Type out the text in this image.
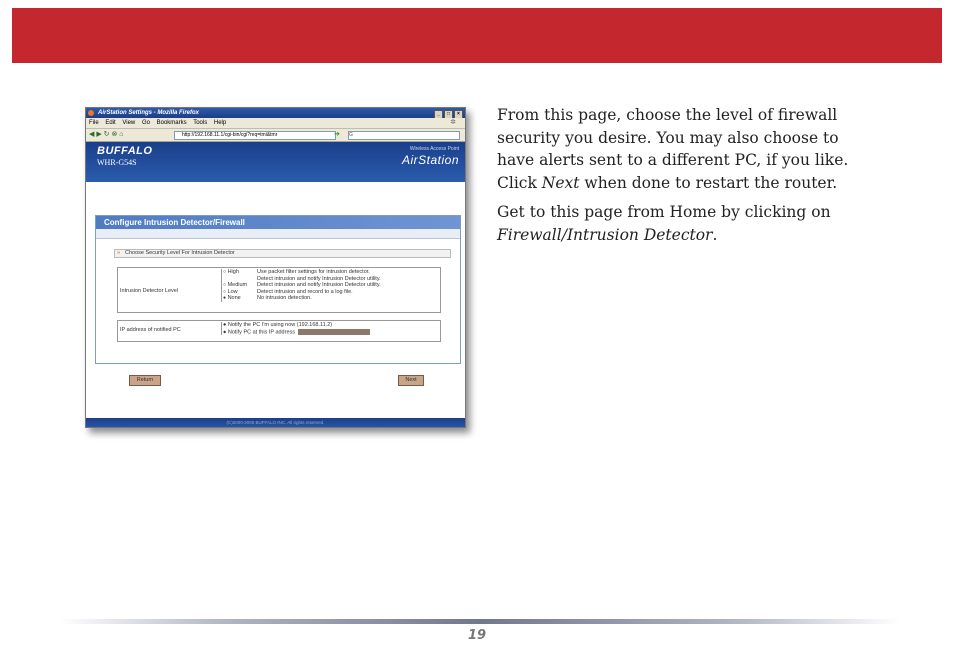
AirStation Settings - Mozilla Firefox	_ □ ×
File Edit View Go Bookmarks Tools Help	✲
◀ ▶ ↻ ⊗ ⌂	http://192.168.11.1/cgi-bin/cgi?req=tmi&tmr	➔ G
BUFFALO
WHR-G54S
Wireless Access Point
AirStation
Configure Intrusion Detector/Firewall
» Choose Security Level For Intrusion Detector
Intrusion Detector Level
○ High	Use packet filter settings for intrusion detector.
Detect intrusion and notify Intrusion Detector utility.
○ Medium	Detect intrusion and notify Intrusion Detector utility.
○ Low	Detect intrusion and record to a log file.
● None	No intrusion detection.
IP address of notified PC
● Notify the PC I'm using now (192.168.11.2)
● Notify PC at this IP address
Return	Next
(C)2000-2005 BUFFALO INC. All rights reserved.

From this page, choose the level of firewall security you desire. You may also choose to have alerts sent to a different PC, if you like. Click Next when done to restart the router.

Get to this page from Home by clicking on Firewall/Intrusion Detector.

19
